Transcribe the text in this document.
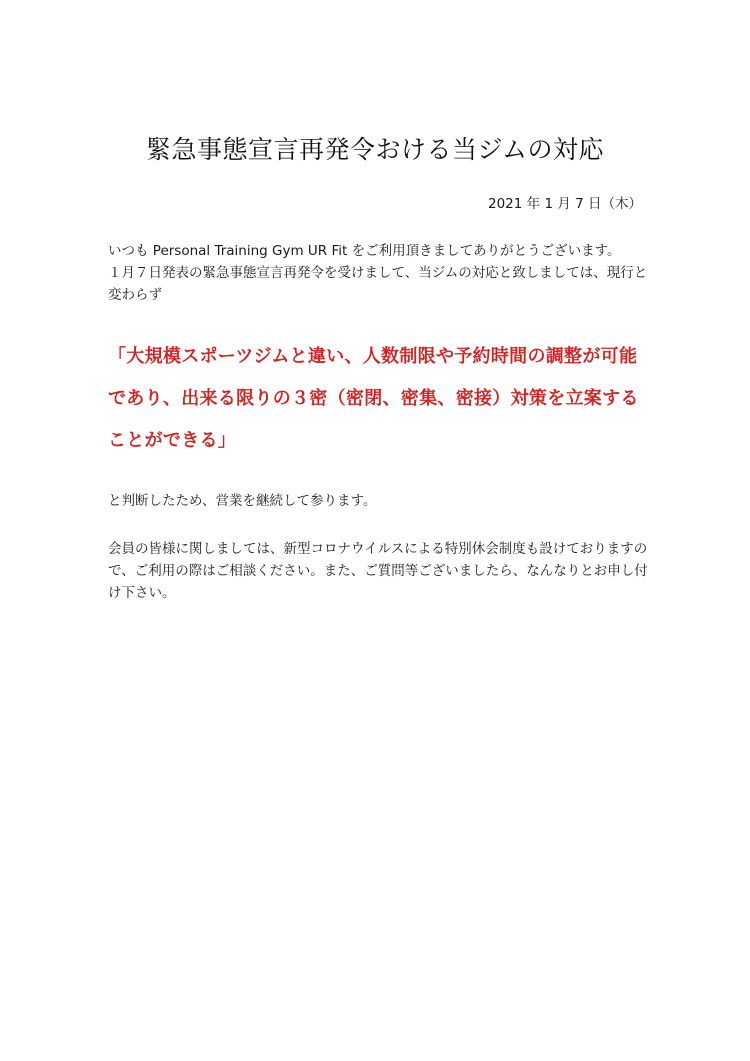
緊急事態宣言再発令おける当ジムの対応
2021 年 1 月 7 日（木）

いつも Personal Training Gym UR Fit をご利用頂きましてありがとうございます。

１月７日発表の緊急事態宣言再発令を受けまして、当ジムの対応と致しましては、現行と変わらず

「大規模スポーツジムと違い、人数制限や予約時間の調整が可能であり、出来る限りの３密（密閉、密集、密接）対策を立案することができる」

と判断したため、営業を継続して参ります。

会員の皆様に関しましては、新型コロナウイルスによる特別休会制度も設けておりますので、ご利用の際はご相談ください。また、ご質問等ございましたら、なんなりとお申し付け下さい。
